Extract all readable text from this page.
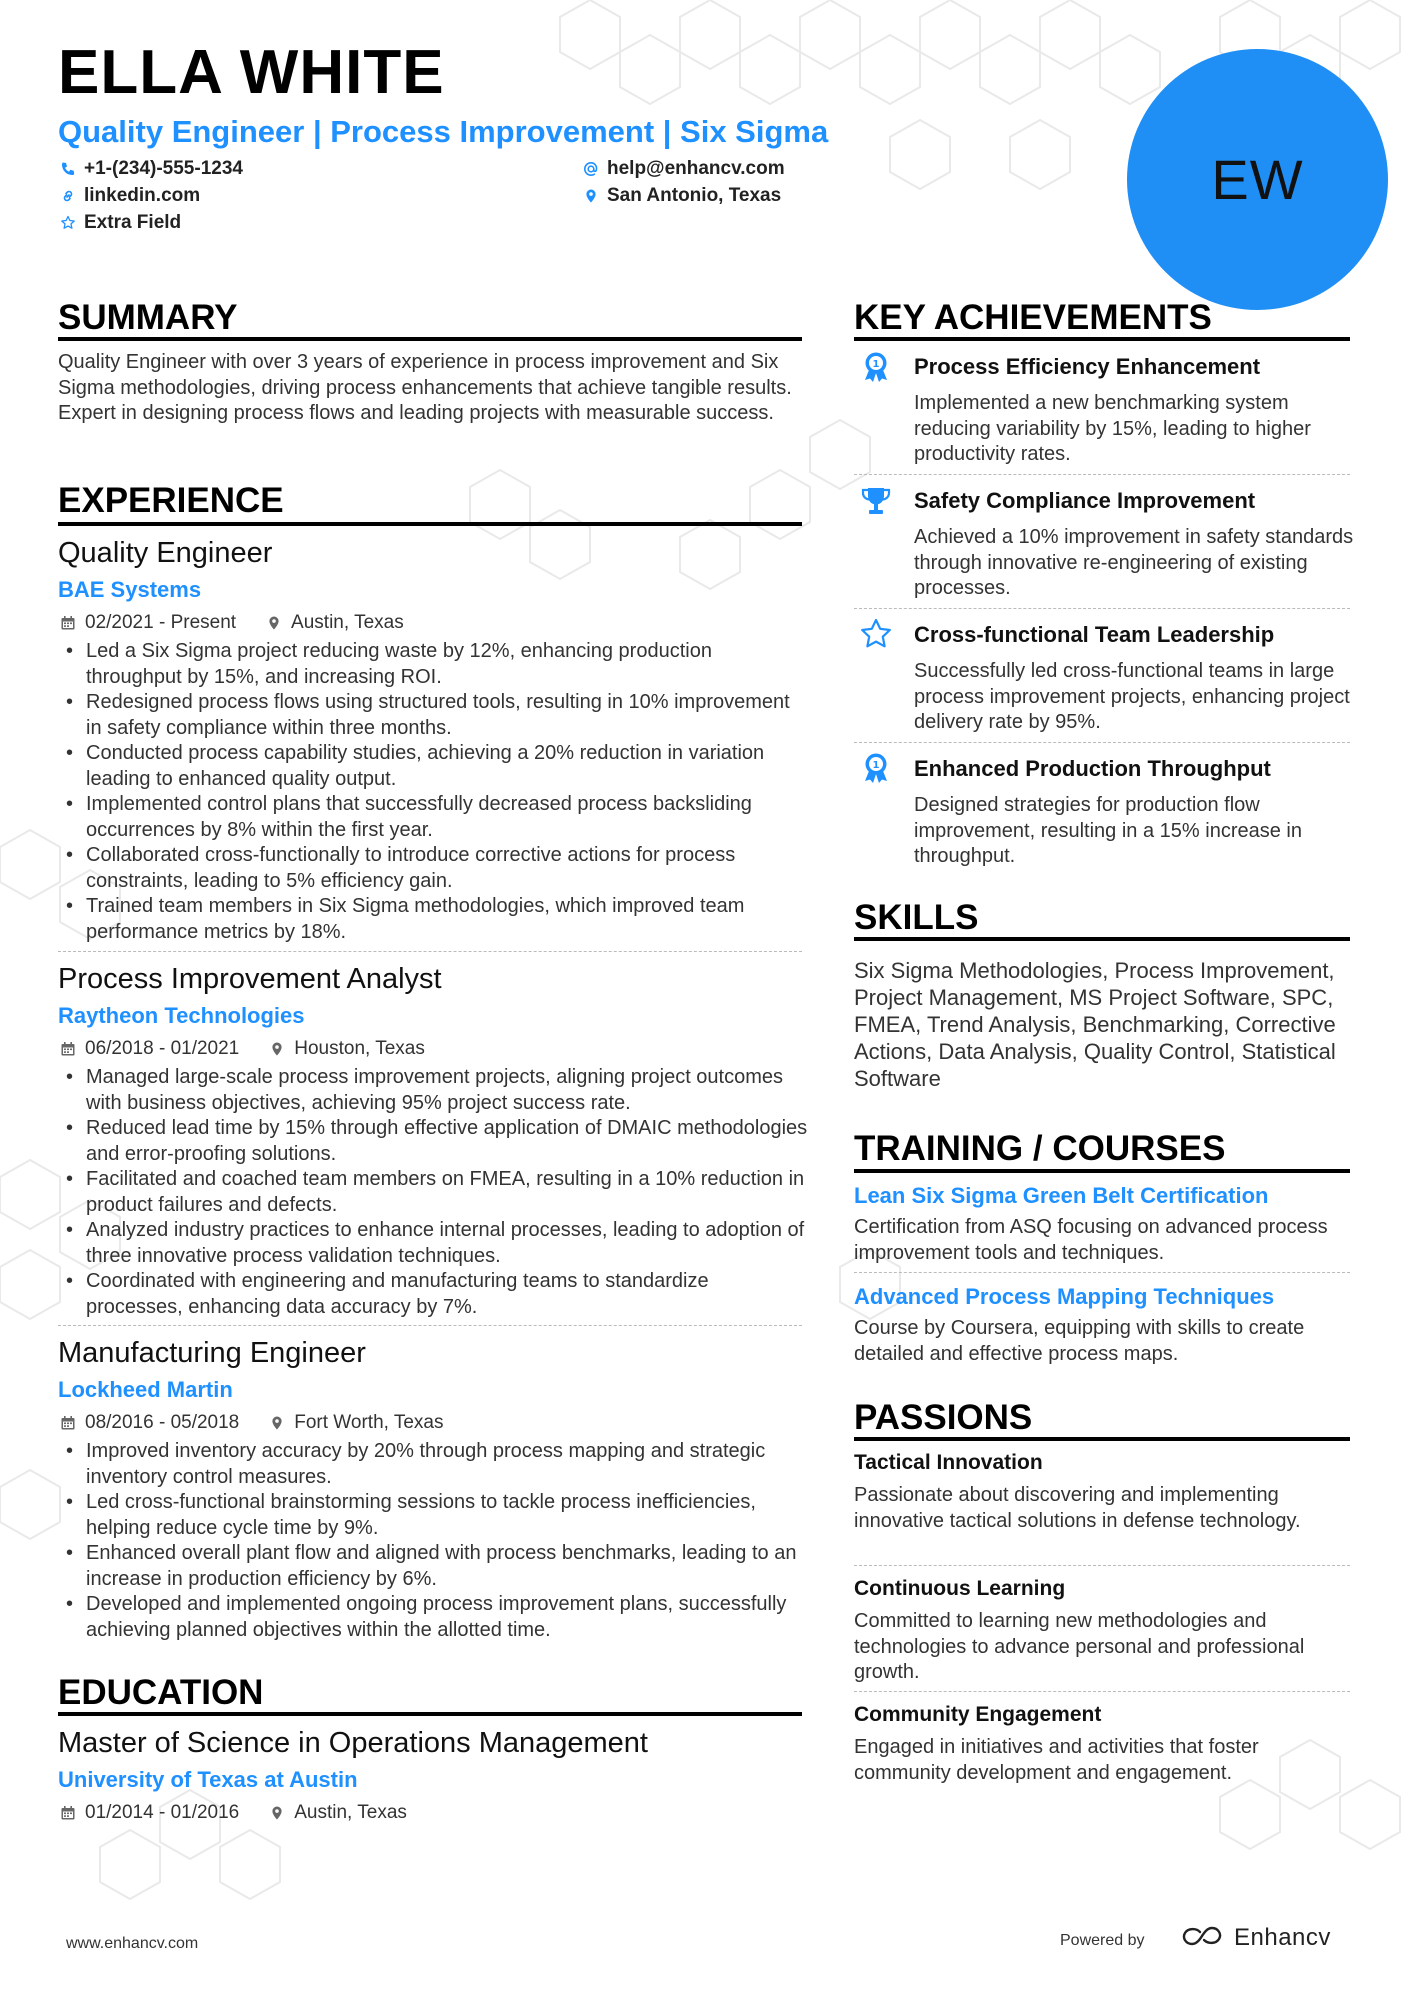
ELLA WHITE
Quality Engineer | Process Improvement | Six Sigma
+1-(234)-555-1234	help@enhancv.com
linkedin.com	San Antonio, Texas
Extra Field
EW
SUMMARY
Quality Engineer with over 3 years of experience in process improvement and Six Sigma methodologies, driving process enhancements that achieve tangible results. Expert in designing process flows and leading projects with measurable success.
EXPERIENCE
Quality Engineer
BAE Systems
02/2021 - Present	Austin, Texas
• Led a Six Sigma project reducing waste by 12%, enhancing production throughput by 15%, and increasing ROI.
• Redesigned process flows using structured tools, resulting in 10% improvement in safety compliance within three months.
• Conducted process capability studies, achieving a 20% reduction in variation leading to enhanced quality output.
• Implemented control plans that successfully decreased process backsliding occurrences by 8% within the first year.
• Collaborated cross-functionally to introduce corrective actions for process constraints, leading to 5% efficiency gain.
• Trained team members in Six Sigma methodologies, which improved team performance metrics by 18%.
Process Improvement Analyst
Raytheon Technologies
06/2018 - 01/2021	Houston, Texas
• Managed large-scale process improvement projects, aligning project outcomes with business objectives, achieving 95% project success rate.
• Reduced lead time by 15% through effective application of DMAIC methodologies and error-proofing solutions.
• Facilitated and coached team members on FMEA, resulting in a 10% reduction in product failures and defects.
• Analyzed industry practices to enhance internal processes, leading to adoption of three innovative process validation techniques.
• Coordinated with engineering and manufacturing teams to standardize processes, enhancing data accuracy by 7%.
Manufacturing Engineer
Lockheed Martin
08/2016 - 05/2018	Fort Worth, Texas
• Improved inventory accuracy by 20% through process mapping and strategic inventory control measures.
• Led cross-functional brainstorming sessions to tackle process inefficiencies, helping reduce cycle time by 9%.
• Enhanced overall plant flow and aligned with process benchmarks, leading to an increase in production efficiency by 6%.
• Developed and implemented ongoing process improvement plans, successfully achieving planned objectives within the allotted time.
EDUCATION
Master of Science in Operations Management
University of Texas at Austin
01/2014 - 01/2016	Austin, Texas
KEY ACHIEVEMENTS
1 Process Efficiency Enhancement
Implemented a new benchmarking system reducing variability by 15%, leading to higher productivity rates.
Safety Compliance Improvement
Achieved a 10% improvement in safety standards through innovative re-engineering of existing processes.
Cross-functional Team Leadership
Successfully led cross-functional teams in large process improvement projects, enhancing project delivery rate by 95%.
1 Enhanced Production Throughput
Designed strategies for production flow improvement, resulting in a 15% increase in throughput.
SKILLS
Six Sigma Methodologies, Process Improvement, Project Management, MS Project Software, SPC, FMEA, Trend Analysis, Benchmarking, Corrective Actions, Data Analysis, Quality Control, Statistical Software
TRAINING / COURSES
Lean Six Sigma Green Belt Certification
Certification from ASQ focusing on advanced process improvement tools and techniques.
Advanced Process Mapping Techniques
Course by Coursera, equipping with skills to create detailed and effective process maps.
PASSIONS
Tactical Innovation
Passionate about discovering and implementing innovative tactical solutions in defense technology.
Continuous Learning
Committed to learning new methodologies and technologies to advance personal and professional growth.
Community Engagement
Engaged in initiatives and activities that foster community development and engagement.
www.enhancv.com	Powered by	Enhancv
